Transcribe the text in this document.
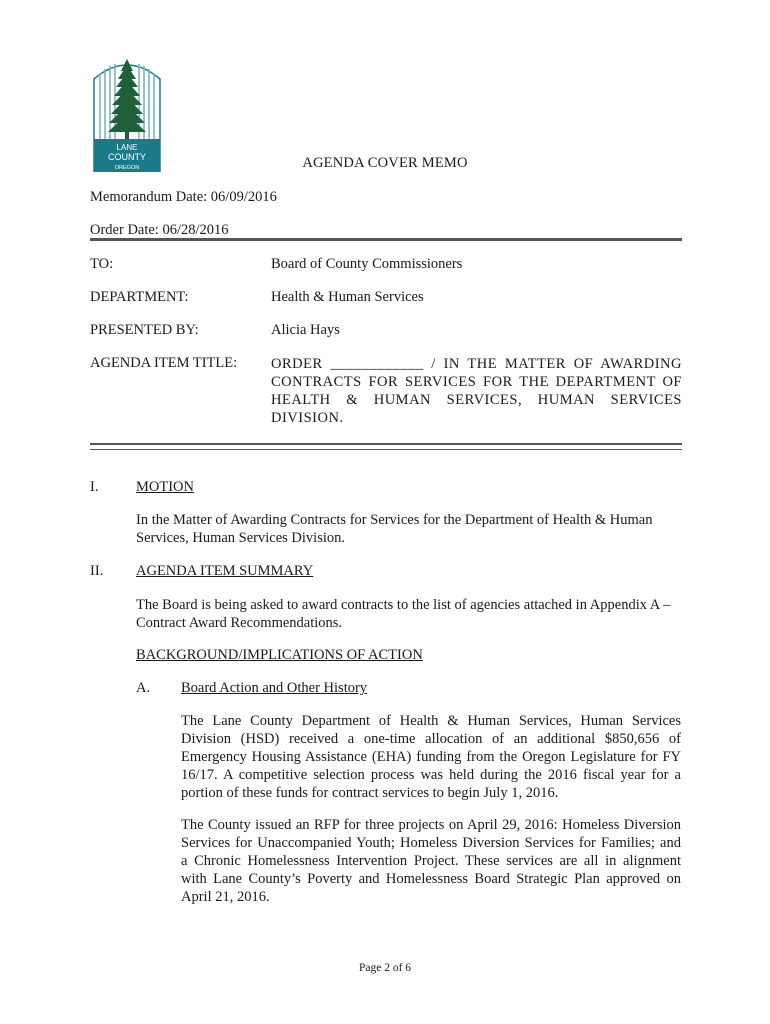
LANE
COUNTY
OREGON	AGENDA COVER MEMO
Memorandum Date: 06/09/2016
Order Date: 06/28/2016
TO:	Board of County Commissioners
DEPARTMENT:	Health & Human Services
PRESENTED BY:	Alicia Hays
AGENDA ITEM TITLE: ORDER ____________ / IN THE MATTER OF AWARDING
CONTRACTS FOR SERVICES FOR THE DEPARTMENT OF
HEALTH & HUMAN SERVICES, HUMAN SERVICES
DIVISION.
I.	MOTION
In the Matter of Awarding Contracts for Services for the Department of Health & Human
Services, Human Services Division.
II. AGENDA ITEM SUMMARY
The Board is being asked to award contracts to the list of agencies attached in Appendix A –
Contract Award Recommendations.
BACKGROUND/IMPLICATIONS OF ACTION
A. Board Action and Other History
The Lane County Department of Health & Human Services, Human Services
Division (HSD) received a one-time allocation of an additional $850,656 of
Emergency Housing Assistance (EHA) funding from the Oregon Legislature for FY
16/17. A competitive selection process was held during the 2016 fiscal year for a
portion of these funds for contract services to begin July 1, 2016.
The County issued an RFP for three projects on April 29, 2016: Homeless Diversion
Services for Unaccompanied Youth; Homeless Diversion Services for Families; and
a Chronic Homelessness Intervention Project. These services are all in alignment
with Lane County’s Poverty and Homelessness Board Strategic Plan approved on
April 21, 2016.
Page 2 of 6
